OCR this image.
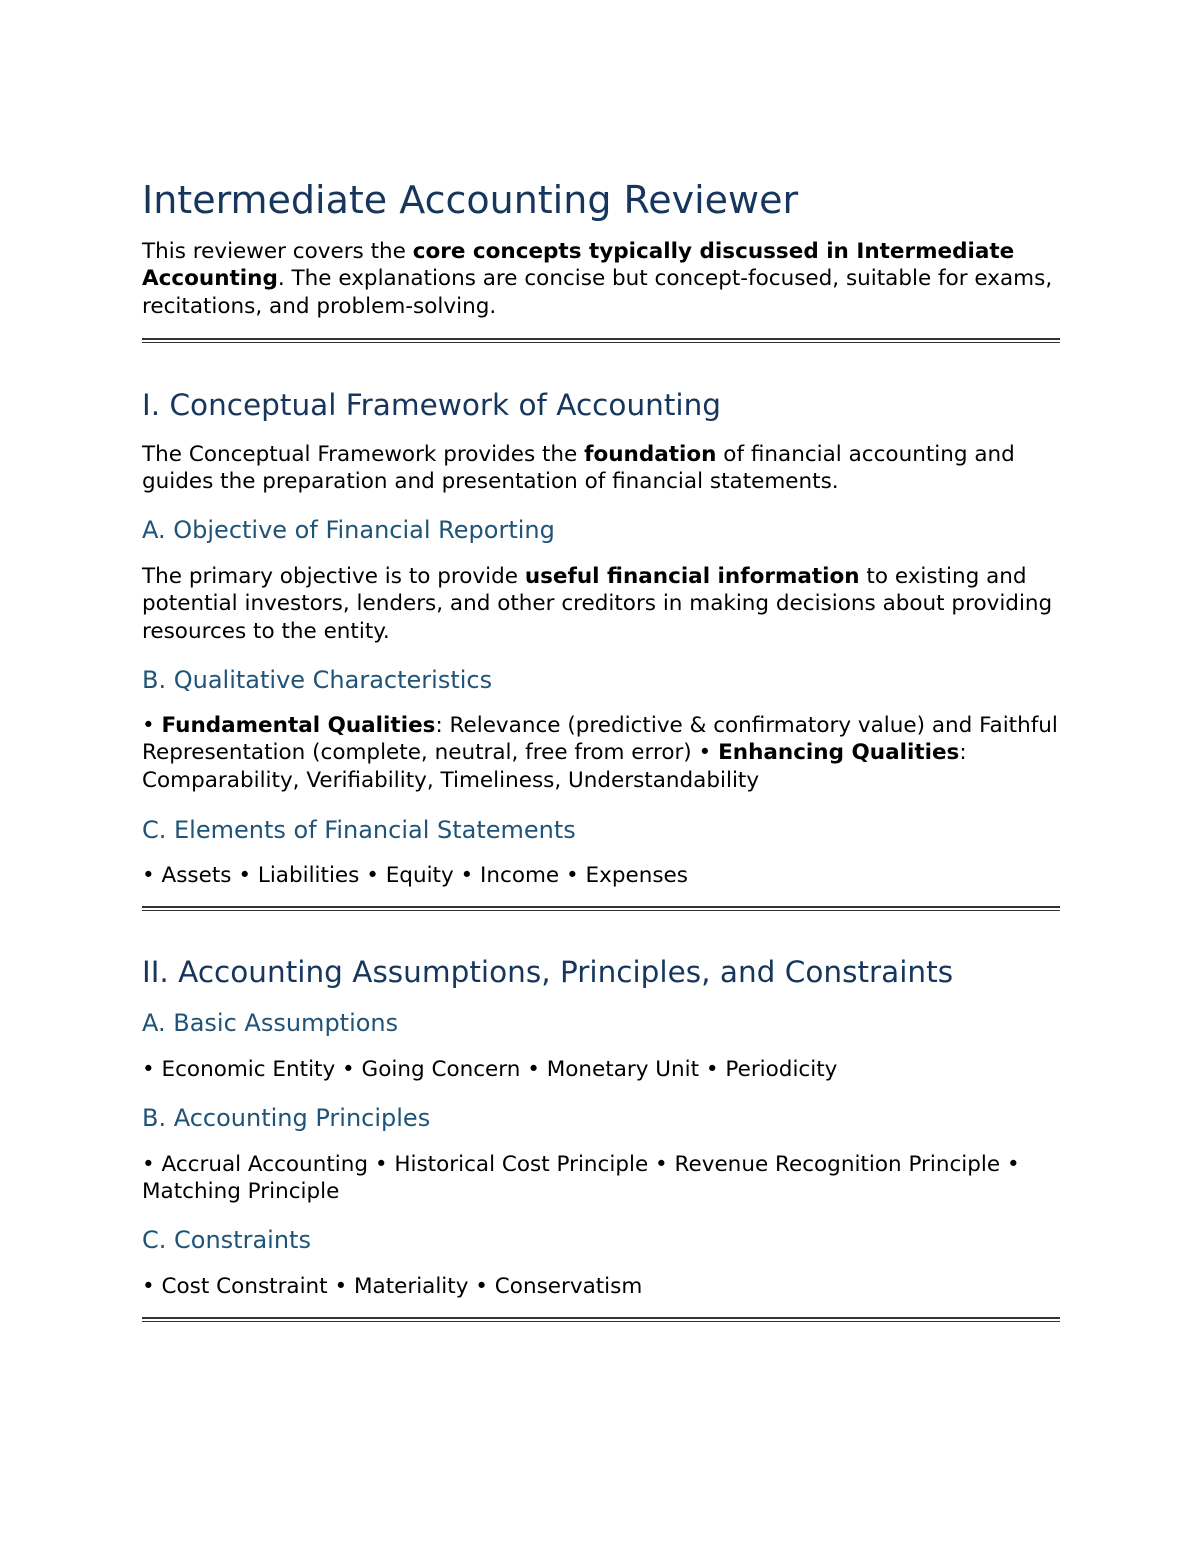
Intermediate Accounting Reviewer

This reviewer covers the core concepts typically discussed in Intermediate Accounting. The explanations are concise but concept-focused, suitable for exams, recitations, and problem-solving.

I. Conceptual Framework of Accounting

The Conceptual Framework provides the foundation of financial accounting and guides the preparation and presentation of financial statements.

A. Objective of Financial Reporting

The primary objective is to provide useful financial information to existing and potential investors, lenders, and other creditors in making decisions about providing resources to the entity.

B. Qualitative Characteristics

• Fundamental Qualities: Relevance (predictive & confirmatory value) and Faithful Representation (complete, neutral, free from error) • Enhancing Qualities: Comparability, Verifiability, Timeliness, Understandability

C. Elements of Financial Statements

• Assets • Liabilities • Equity • Income • Expenses

II. Accounting Assumptions, Principles, and Constraints
A. Basic Assumptions

• Economic Entity • Going Concern • Monetary Unit • Periodicity

B. Accounting Principles

• Accrual Accounting • Historical Cost Principle • Revenue Recognition Principle • Matching Principle

C. Constraints

• Cost Constraint • Materiality • Conservatism
